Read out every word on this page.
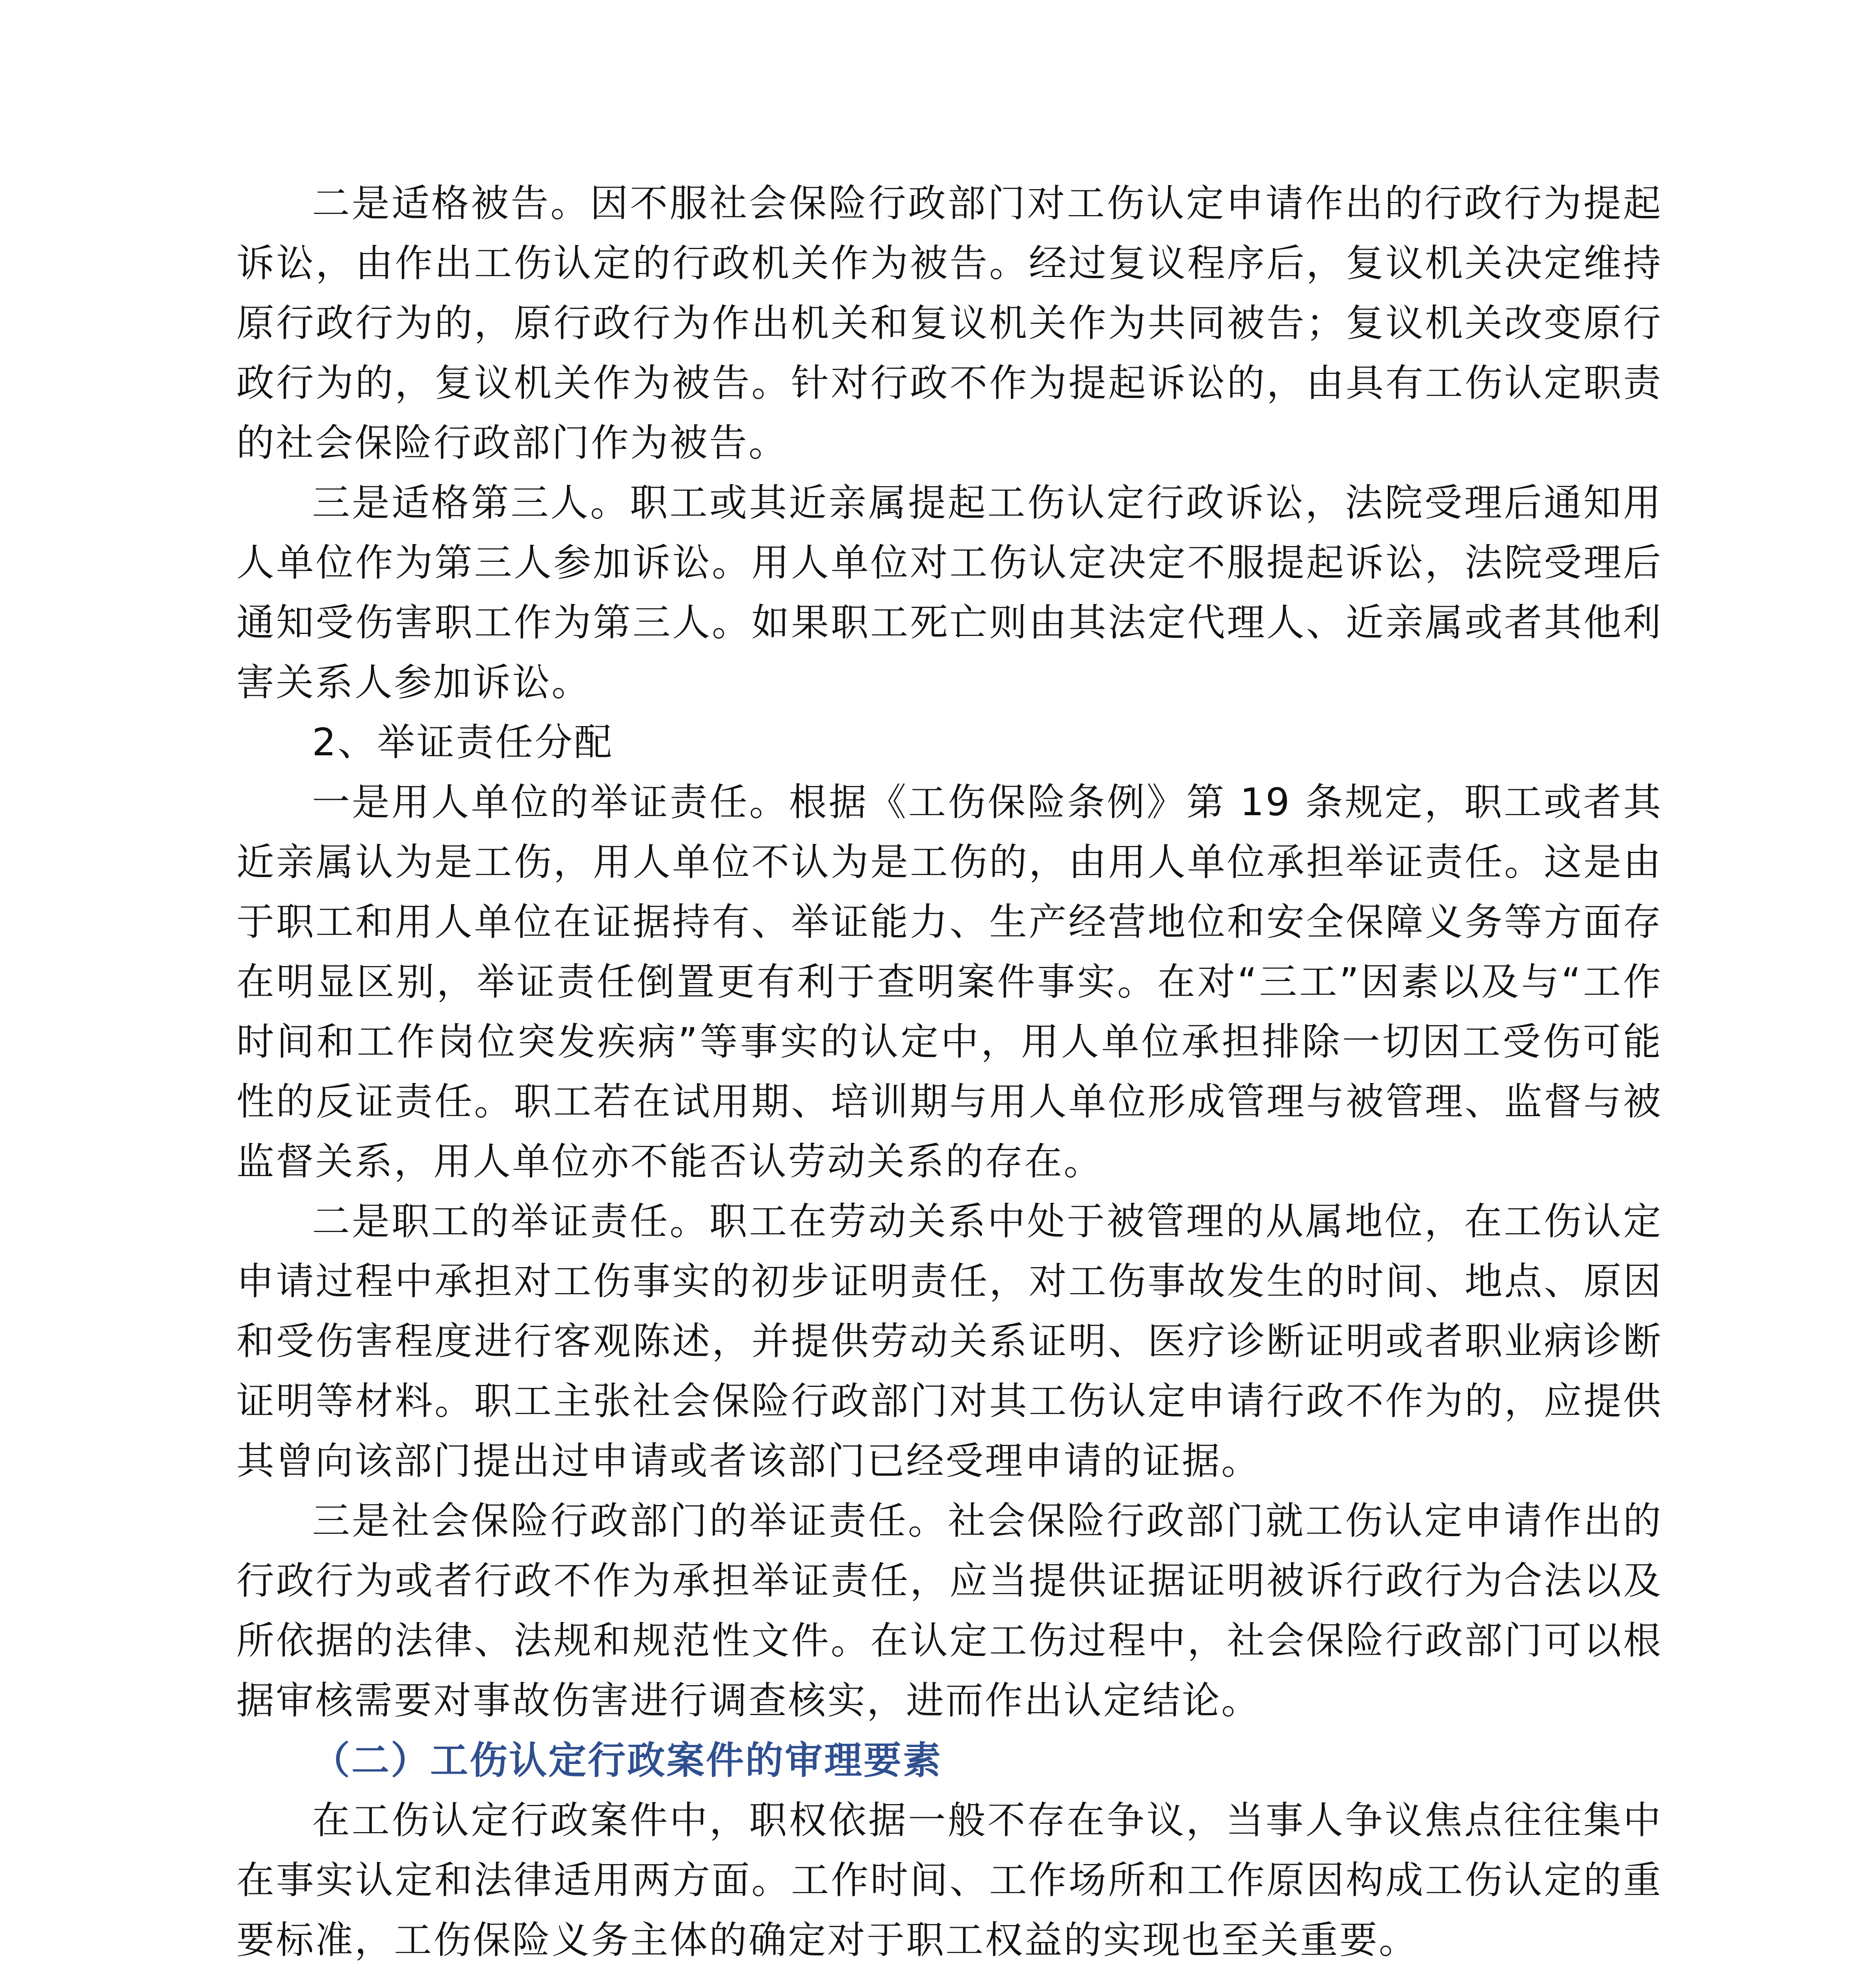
二是适格被告。因不服社会保险行政部门对工伤认定申请作出的行政行为提起诉讼，由作出工伤认定的行政机关作为被告。经过复议程序后，复议机关决定维持原行政行为的，原行政行为作出机关和复议机关作为共同被告；复议机关改变原行政行为的，复议机关作为被告。针对行政不作为提起诉讼的，由具有工伤认定职责的社会保险行政部门作为被告。

三是适格第三人。职工或其近亲属提起工伤认定行政诉讼，法院受理后通知用人单位作为第三人参加诉讼。用人单位对工伤认定决定不服提起诉讼，法院受理后通知受伤害职工作为第三人。如果职工死亡则由其法定代理人、近亲属或者其他利害关系人参加诉讼。

2、举证责任分配

一是用人单位的举证责任。根据《工伤保险条例》第 19 条规定，职工或者其近亲属认为是工伤，用人单位不认为是工伤的，由用人单位承担举证责任。这是由于职工和用人单位在证据持有、举证能力、生产经营地位和安全保障义务等方面存在明显区别，举证责任倒置更有利于查明案件事实。在对“三工”因素以及与“工作时间和工作岗位突发疾病”等事实的认定中，用人单位承担排除一切因工受伤可能性的反证责任。职工若在试用期、培训期与用人单位形成管理与被管理、监督与被监督关系，用人单位亦不能否认劳动关系的存在。

二是职工的举证责任。职工在劳动关系中处于被管理的从属地位，在工伤认定申请过程中承担对工伤事实的初步证明责任，对工伤事故发生的时间、地点、原因和受伤害程度进行客观陈述，并提供劳动关系证明、医疗诊断证明或者职业病诊断证明等材料。职工主张社会保险行政部门对其工伤认定申请行政不作为的，应提供其曾向该部门提出过申请或者该部门已经受理申请的证据。

三是社会保险行政部门的举证责任。社会保险行政部门就工伤认定申请作出的行政行为或者行政不作为承担举证责任，应当提供证据证明被诉行政行为合法以及所依据的法律、法规和规范性文件。在认定工伤过程中，社会保险行政部门可以根据审核需要对事故伤害进行调查核实，进而作出认定结论。

（二）工伤认定行政案件的审理要素

在工伤认定行政案件中，职权依据一般不存在争议，当事人争议焦点往往集中在事实认定和法律适用两方面。工作时间、工作场所和工作原因构成工伤认定的重要标准，工伤保险义务主体的确定对于职工权益的实现也至关重要。
